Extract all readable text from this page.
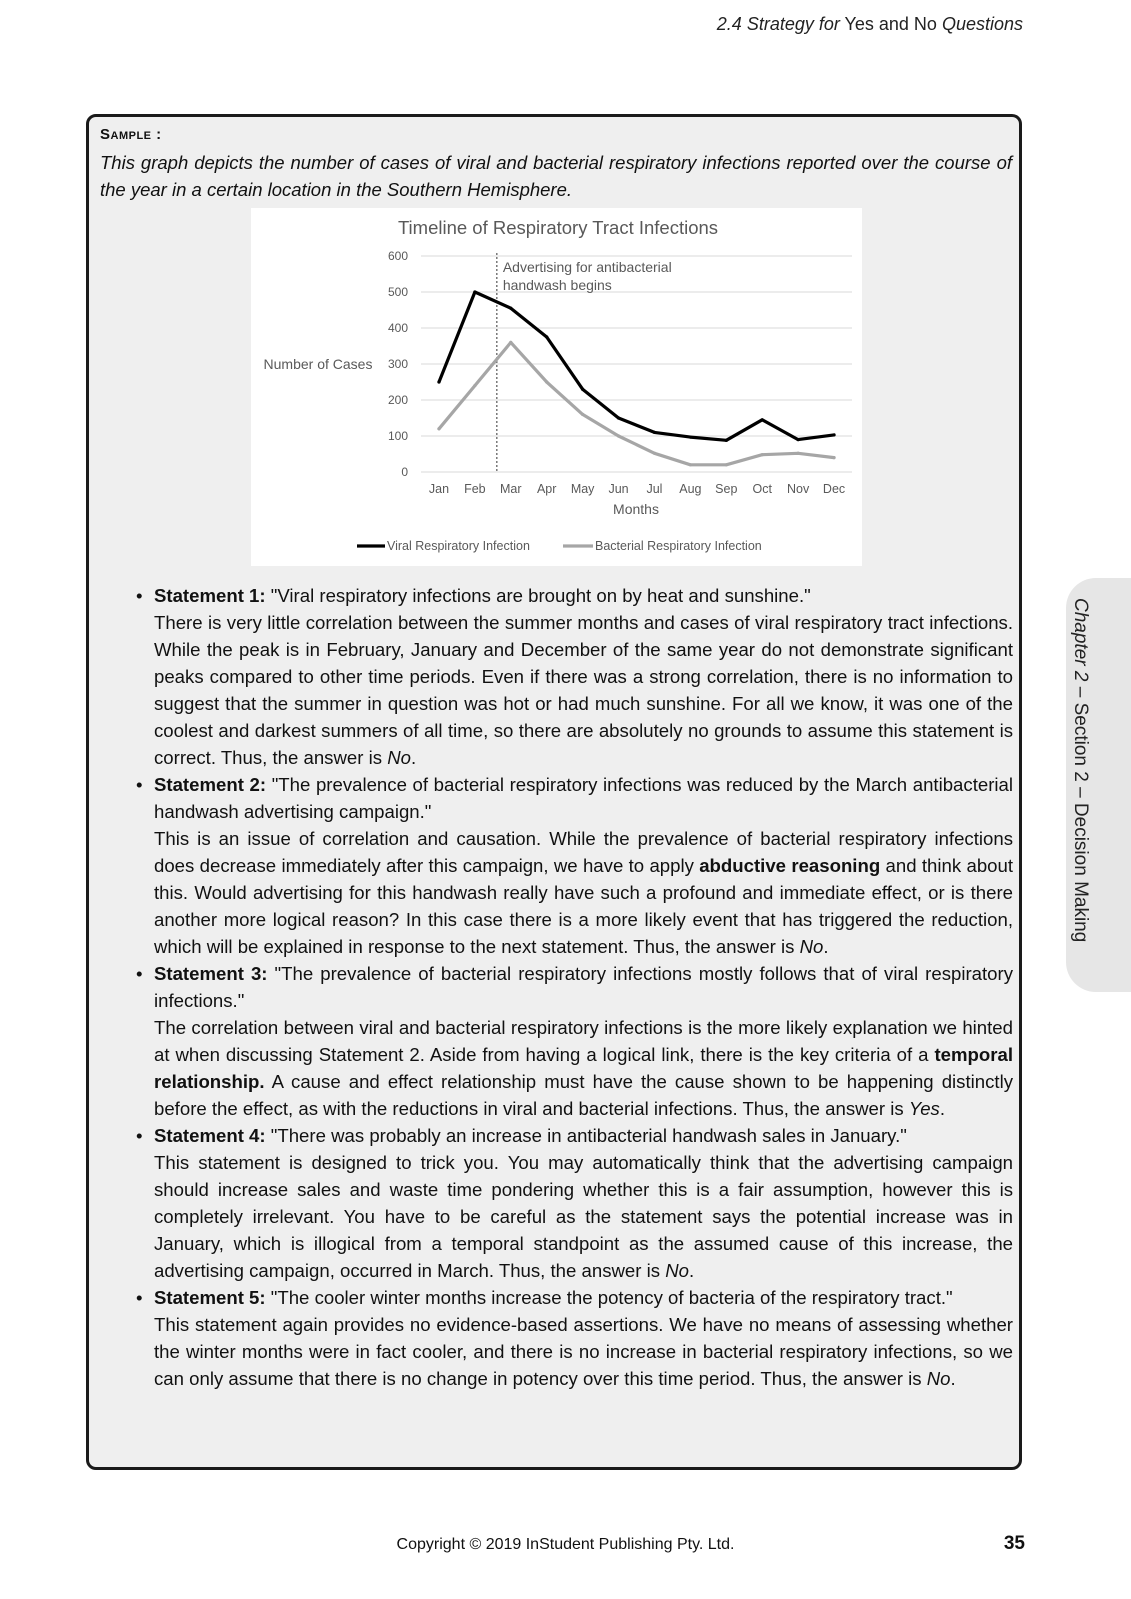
2.4 Strategy for Yes and No Questions
Sample :
This graph depicts the number of cases of viral and bacterial respiratory infections reported over the course of the year in a certain location in the Southern Hemisphere.
0
100
200
300
400
500
600
Jan Feb Mar Apr May Jun Jul Aug Sep Oct Nov Dec
Timeline of Respiratory Tract Infections
Months
Number of Cases
Advertising for antibacterial
handwash begins
Viral Respiratory Infection	Bacterial Respiratory Infection
• Statement 1: "Viral respiratory infections are brought on by heat and sunshine."
There is very little correlation between the summer months and cases of viral respiratory tract infections. While the peak is in February, January and December of the same year do not demonstrate significant peaks compared to other time periods. Even if there was a strong correlation, there is no information to suggest that the summer in question was hot or had much sunshine. For all we know, it was one of the coolest and darkest summers of all time, so there are absolutely no grounds to assume this statement is correct. Thus, the answer is No.
• Statement 2: "The prevalence of bacterial respiratory infections was reduced by the March antibacterial handwash advertising campaign."
This is an issue of correlation and causation. While the prevalence of bacterial respiratory infections does decrease immediately after this campaign, we have to apply abductive reasoning and think about this. Would advertising for this handwash really have such a profound and immediate effect, or is there another more logical reason? In this case there is a more likely event that has triggered the reduction, which will be explained in response to the next statement. Thus, the answer is No.
• Statement 3: "The prevalence of bacterial respiratory infections mostly follows that of viral respiratory infections."
The correlation between viral and bacterial respiratory infections is the more likely explanation we hinted at when discussing Statement 2. Aside from having a logical link, there is the key criteria of a temporal relationship. A cause and effect relationship must have the cause shown to be happening distinctly before the effect, as with the reductions in viral and bacterial infections. Thus, the answer is Yes.
• Statement 4: "There was probably an increase in antibacterial handwash sales in January."
This statement is designed to trick you. You may automatically think that the advertising campaign should increase sales and waste time pondering whether this is a fair assumption, however this is completely irrelevant. You have to be careful as the statement says the potential increase was in January, which is illogical from a temporal standpoint as the assumed cause of this increase, the advertising campaign, occurred in March. Thus, the answer is No.
• Statement 5: "The cooler winter months increase the potency of bacteria of the respiratory tract."
This statement again provides no evidence-based assertions. We have no means of assessing whether the winter months were in fact cooler, and there is no increase in bacterial respiratory infections, so we can only assume that there is no change in potency over this time period. Thus, the answer is No.
Chapter 2 – Section 2 – Decision Making
Copyright © 2019 InStudent Publishing Pty. Ltd.	35
